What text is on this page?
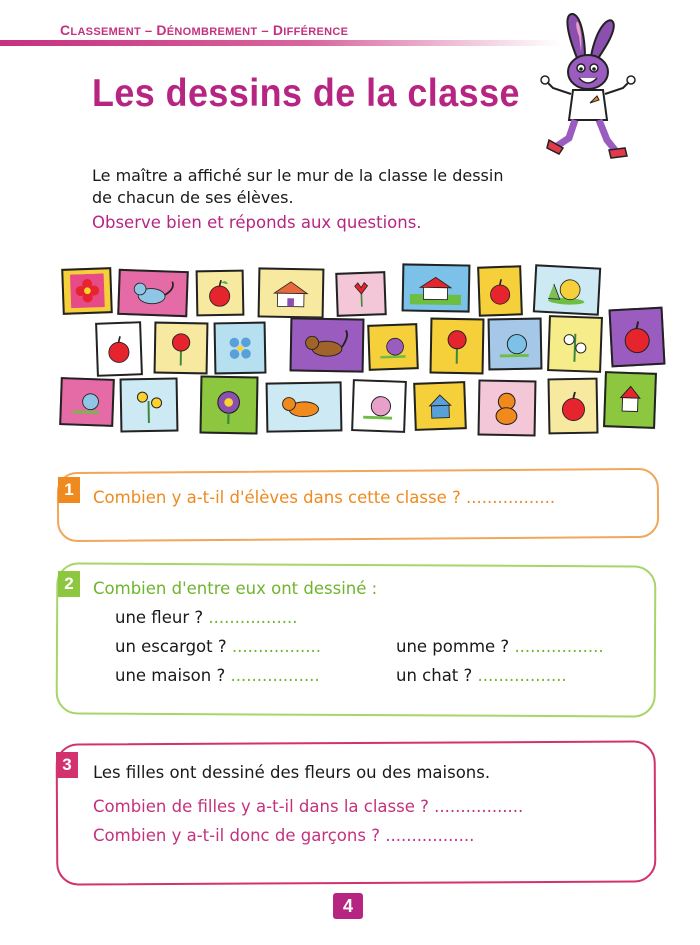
CLASSEMENT – DÉNOMBREMENT – DIFFÉRENCE
Les dessins de la classe
Le maître a affiché sur le mur de la classe le dessin
de chacun de ses élèves.
Observe bien et réponds aux questions.
1	Combien y a-t-il d'élèves dans cette classe ? .................
2	Combien d'entre eux ont dessiné :
une fleur ? .................
un escargot ? .................
une maison ? .................
une pomme ? .................
un chat ? .................
3	Les filles ont dessiné des fleurs ou des maisons.
Combien de filles y a-t-il dans la classe ? .................
Combien y a-t-il donc de garçons ? .................
4
